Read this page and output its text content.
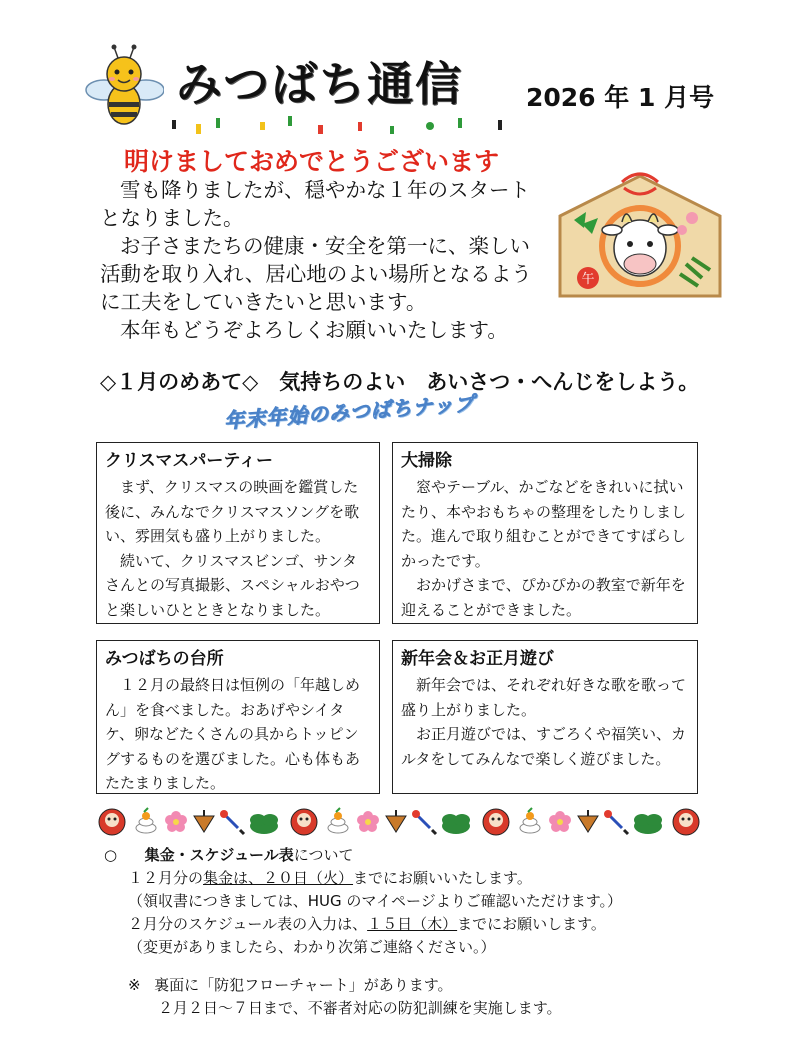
みつばち通信	2026 年 1 月号
明けましておめでとうございます

雪も降りましたが、穏やかな１年のスタートとなりました。

お子さまたちの健康・安全を第一に、楽しい活動を取り入れ、居心地のよい場所となるように工夫をしていきたいと思います。

本年もどうぞよろしくお願いいたします。

午
◇１月のめあて◇　気持ちのよい　あいさつ・へんじをしよう。
年末年始のみつばちナップ
クリスマスパーティー

まず、クリスマスの映画を鑑賞した後に、みんなでクリスマスソングを歌い、雰囲気も盛り上がりました。

続いて、クリスマスビンゴ、サンタさんとの写真撮影、スペシャルおやつと楽しいひとときとなりました。

大掃除

窓やテーブル、かごなどをきれいに拭いたり、本やおもちゃの整理をしたりしました。進んで取り組むことができてすばらしかったです。

おかげさまで、ぴかぴかの教室で新年を迎えることができました。

みつばちの台所

１２月の最終日は恒例の「年越しめん」を食べました。おあげやシイタケ、卵などたくさんの具からトッピングするものを選びました。心も体もあたたまりました。

新年会＆お正月遊び

新年会では、それぞれ好きな歌を歌って盛り上がりました。

お正月遊びでは、すごろくや福笑い、カルタをしてみんなで楽しく遊びました。

○ 集金・スケジュール表について
１２月分の集金は、２０日（火）までにお願いいたします。
（領収書につきましては、HUG のマイページよりご確認いただけます。）
２月分のスケジュール表の入力は、１５日（木）までにお願いします。
（変更がありましたら、わかり次第ご連絡ください。）
※ 裏面に「防犯フローチャート」があります。
２月２日～７日まで、不審者対応の防犯訓練を実施します。
